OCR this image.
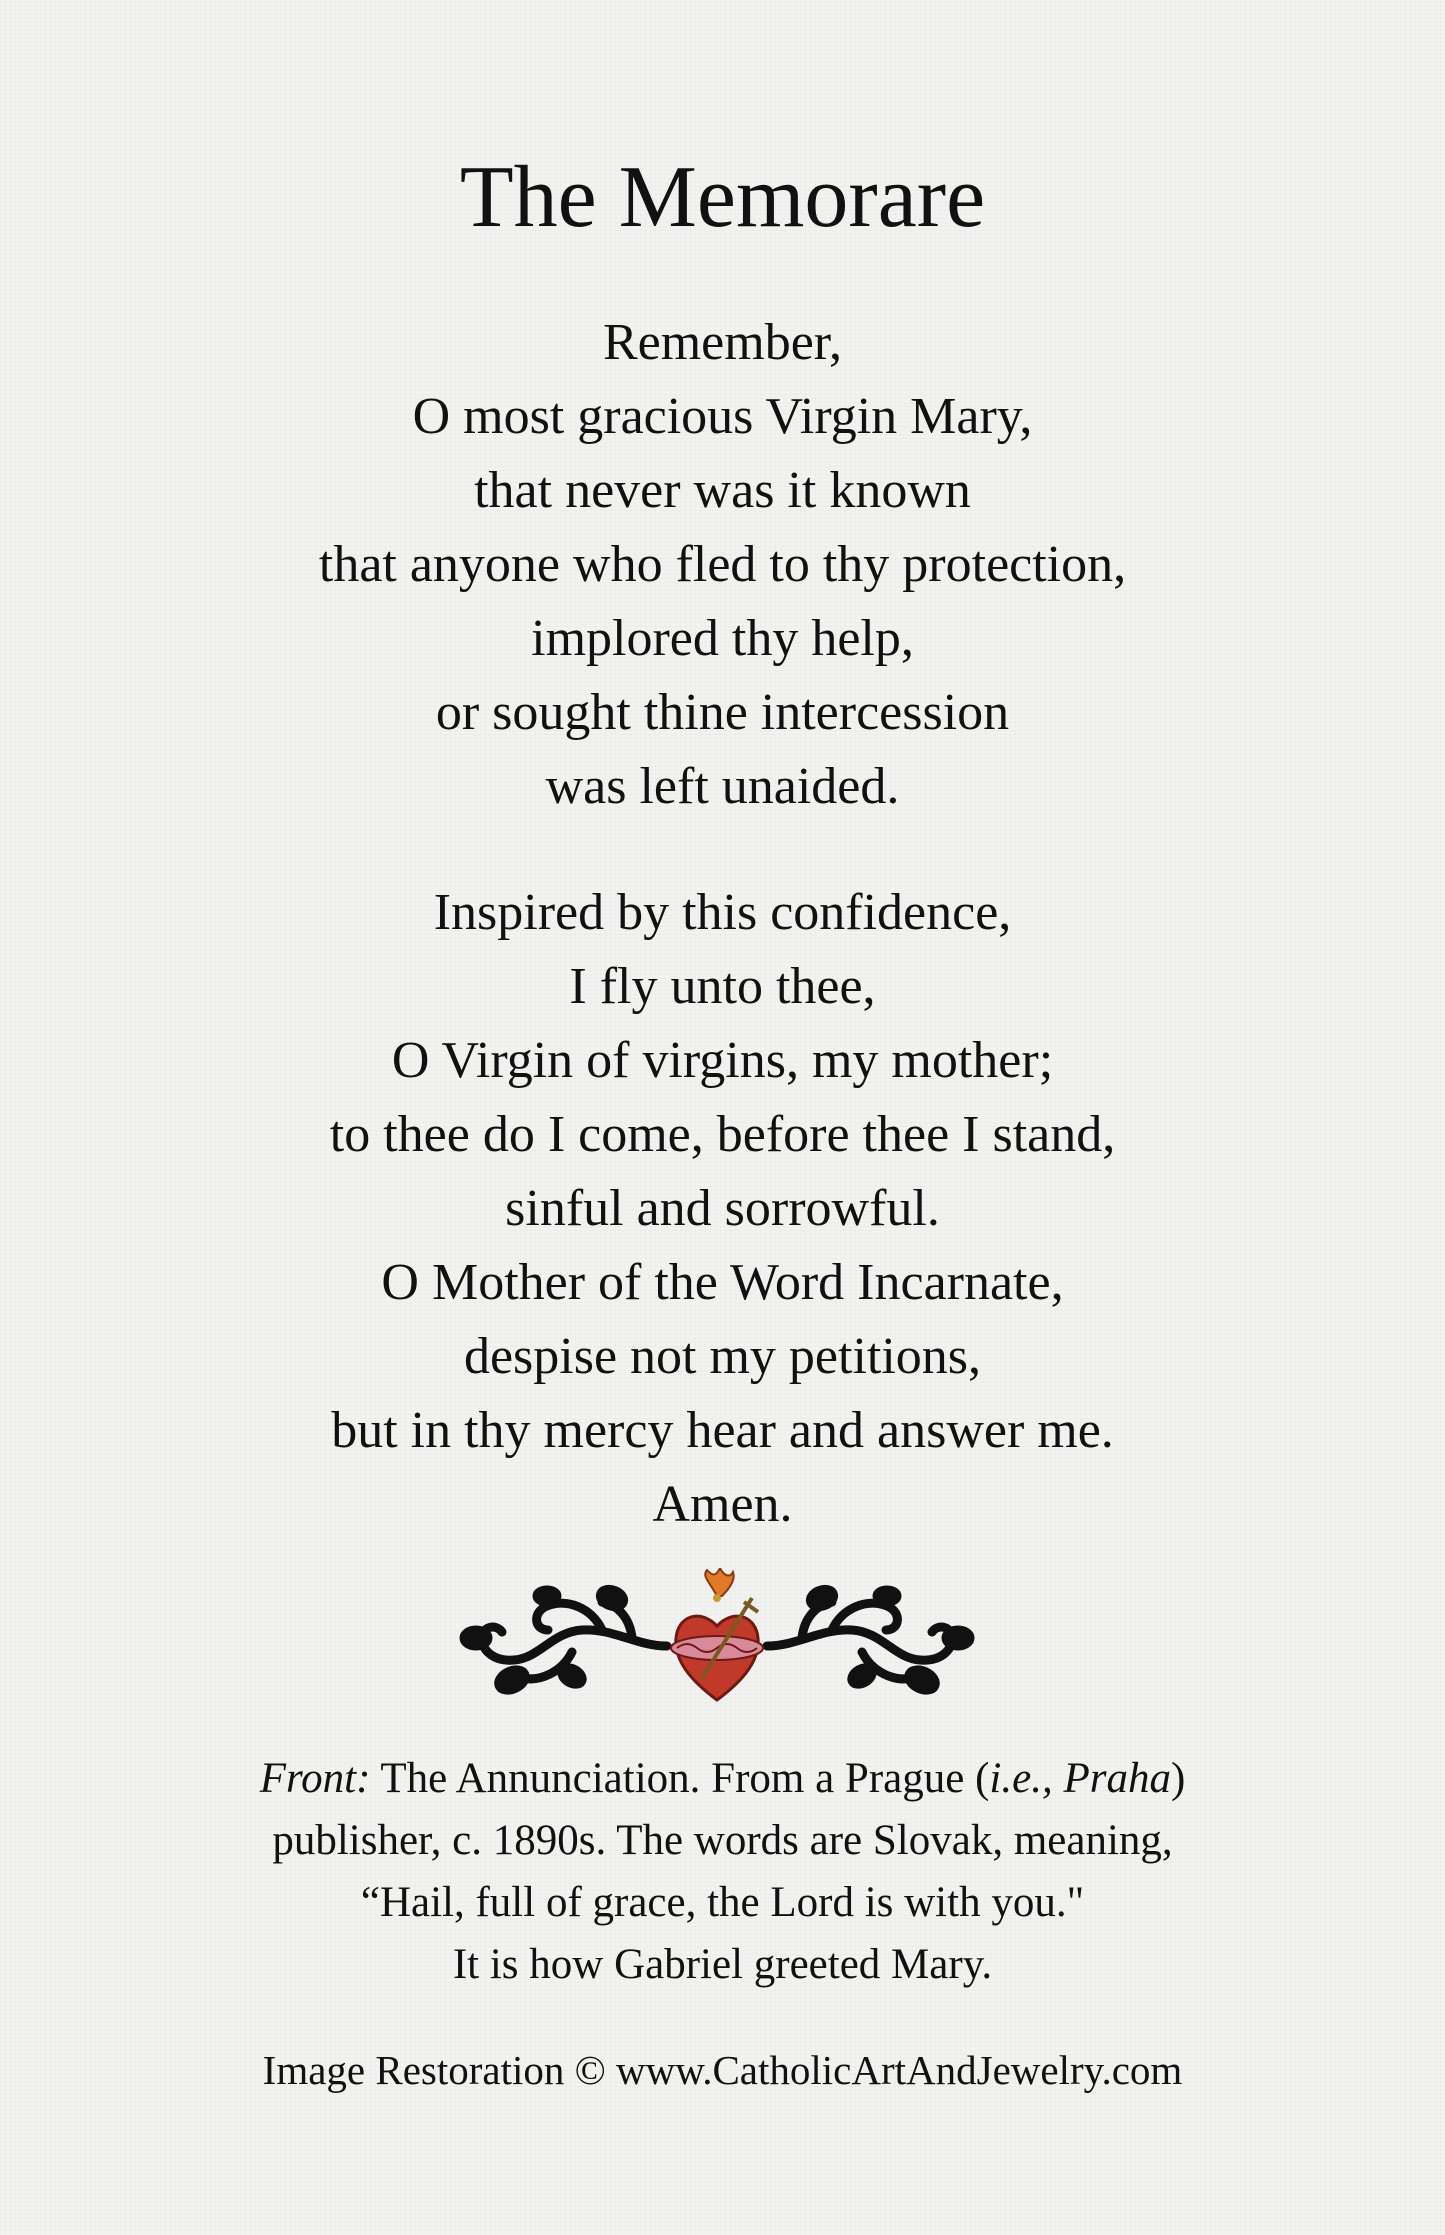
The Memorare
Remember,
O most gracious Virgin Mary,
that never was it known
that anyone who fled to thy protection,
implored thy help,
or sought thine intercession
was left unaided.
Inspired by this confidence,
I fly unto thee,
O Virgin of virgins, my mother;
to thee do I come, before thee I stand,
sinful and sorrowful.
O Mother of the Word Incarnate,
despise not my petitions,
but in thy mercy hear and answer me.
Amen.
Front: The Annunciation. From a Prague (i.e., Praha)
publisher, c. 1890s. The words are Slovak, meaning,
“Hail, full of grace, the Lord is with you."
It is how Gabriel greeted Mary.
Image Restoration © www.CatholicArtAndJewelry.com
